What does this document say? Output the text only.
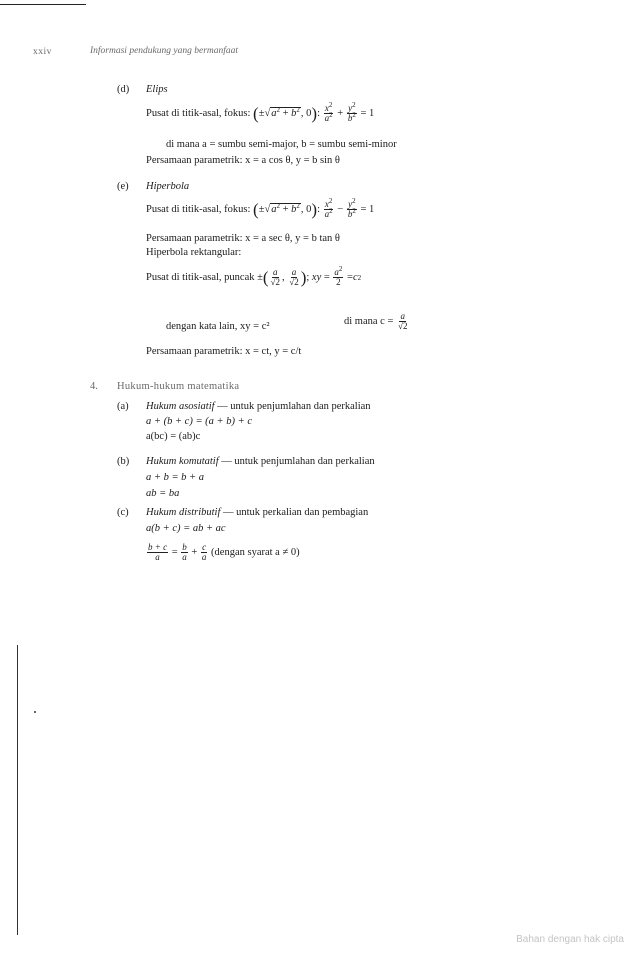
xxiv	Informasi pendukung yang bermanfaat
(d) Elips
Pusat di titik-asal, fokus:
( $\pm√a^2 + b^2$, 0 ) : $\frac{x^2}{a^2} + \frac{y^2}{b^2} = 1$
di mana a = sumbu semi-major, b = sumbu semi-minor
Persamaan parametrik: x = a cos θ, y = b sin θ
(e) Hiperbola
Pusat di titik-asal, fokus:
( $\pm√a^2 + b^2$, 0 ) : $\frac{x^2}{a^2} - \frac{y^2}{b^2} = 1$
Persamaan parametrik: x = a sec θ, y = b tan θ
Hiperbola rektangular:
Pusat di titik-asal, puncak ± ( $\frac{a}{√2}$ , $\frac{a}{√2}$ ) ; xy = $\frac{a^2}{2} = c$ 2
dengan kata lain, xy = c²	di mana c =
$\frac{a}{√2}$
Persamaan parametrik: x = ct, y = c/t
4. Hukum-hukum matematika
(a) Hukum asosiatif — untuk penjumlahan dan perkalian
a + (b + c) = (a + b) + c
a(bc) = (ab)c
(b) Hukum komutatif — untuk penjumlahan dan perkalian
a + b = b + a
ab = ba
(c) Hukum distributif — untuk perkalian dan pembagian
a(b + c) = ab + ac
$\frac{b + c}{a} = \frac{b}{a} + \frac{c}{a}$
(dengan syarat a ≠ 0)
Bahan dengan hak cipta
